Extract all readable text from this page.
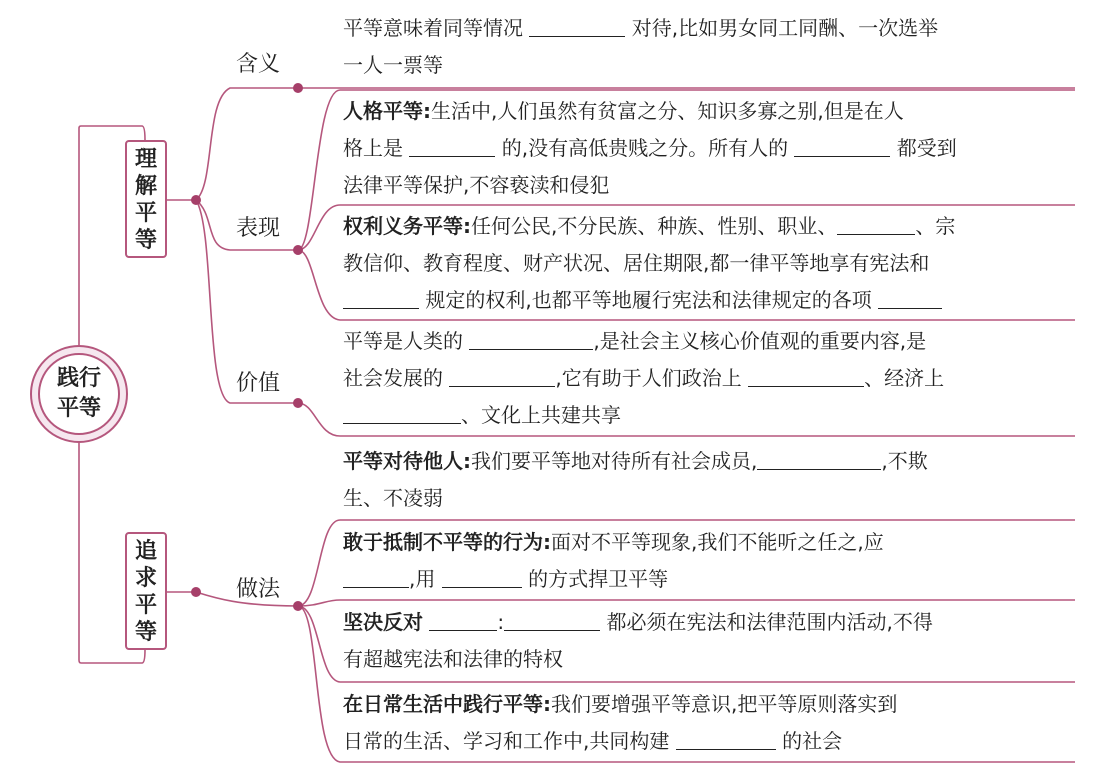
践行平等
理解平等
追求平等
含义
表现
价值
做法
平等意味着同等情况	对待,比如男女同工同酬、一次选举
一人一票等
人格平等:生活中,人们虽然有贫富之分、知识多寡之别,但是在人
格上是	的,没有高低贵贱之分。所有人的	都受到
法律平等保护,不容亵渎和侵犯
权利义务平等:任何公民,不分民族、种族、性别、职业、	、宗
教信仰、教育程度、财产状况、居住期限,都一律平等地享有宪法和
规定的权利,也都平等地履行宪法和法律规定的各项
平等是人类的	,是社会主义核心价值观的重要内容,是
社会发展的	,它有助于人们政治上	、经济上
、文化上共建共享
平等对待他人:我们要平等地对待所有社会成员,	,不欺
生、不凌弱
敢于抵制不平等的行为:面对不平等现象,我们不能听之任之,应
,用	的方式捍卫平等
坚决反对	:	都必须在宪法和法律范围内活动,不得
有超越宪法和法律的特权
在日常生活中践行平等:我们要增强平等意识,把平等原则落实到
日常的生活、学习和工作中,共同构建	的社会
